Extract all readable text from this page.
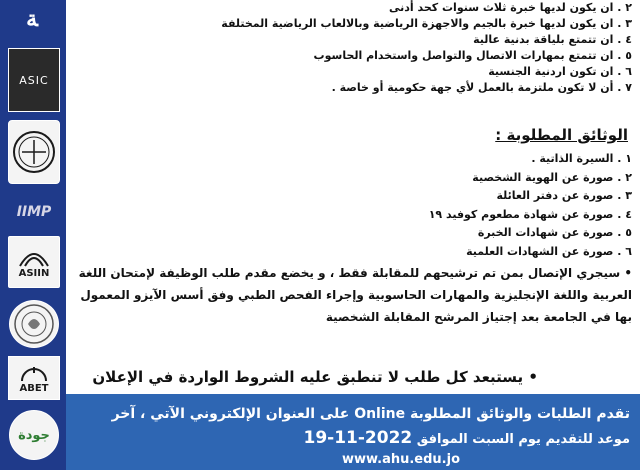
ﺔ
ASIC
IIMP
ASIIN
ABET
جودة
٢ . ان يكون لديها خبرة ثلاث سنوات كحد أدنى
٣ . ان يكون لديها خبرة بالجيم والاجهزة الرياضية وبالالعاب الرياضية المختلفة
٤ . ان تتمتع بلياقة بدنية عالية
٥ . ان تتمتع بمهارات الاتصال والتواصل واستخدام الحاسوب
٦ . ان تكون اردنية الجنسية
٧ . أن لا تكون ملتزمة بالعمل لأي جهة حكومية أو خاصة .
الوثائق المطلوبة :
١ . السيرة الذاتية .
٢ . صورة عن الهوية الشخصية
٣ . صورة عن دفتر العائلة
٤ . صورة عن شهادة مطعوم كوفيد ١٩
٥ . صورة عن شهادات الخبرة
٦ . صورة عن الشهادات العلمية
• سيجري الإتصال بمن تم ترشيحهم للمقابلة فقط ، و يخضع مقدم طلب الوظيفة لإمتحان اللغة العربية واللغة الإنجليزية والمهارات الحاسوبية وإجراء الفحص الطبي وفق أسس الآيزو المعمول بها في الجامعة بعد إجتياز المرشح المقابلة الشخصية
• يستبعد كل طلب لا تنطبق عليه الشروط الواردة في الإعلان
تقدم الطلبات والوثائق المطلوبة Online على العنوان الإلكتروني الآتي ، آخر
موعد للتقديم يوم السبت الموافق 19-11-2022
www.ahu.edu.jo
